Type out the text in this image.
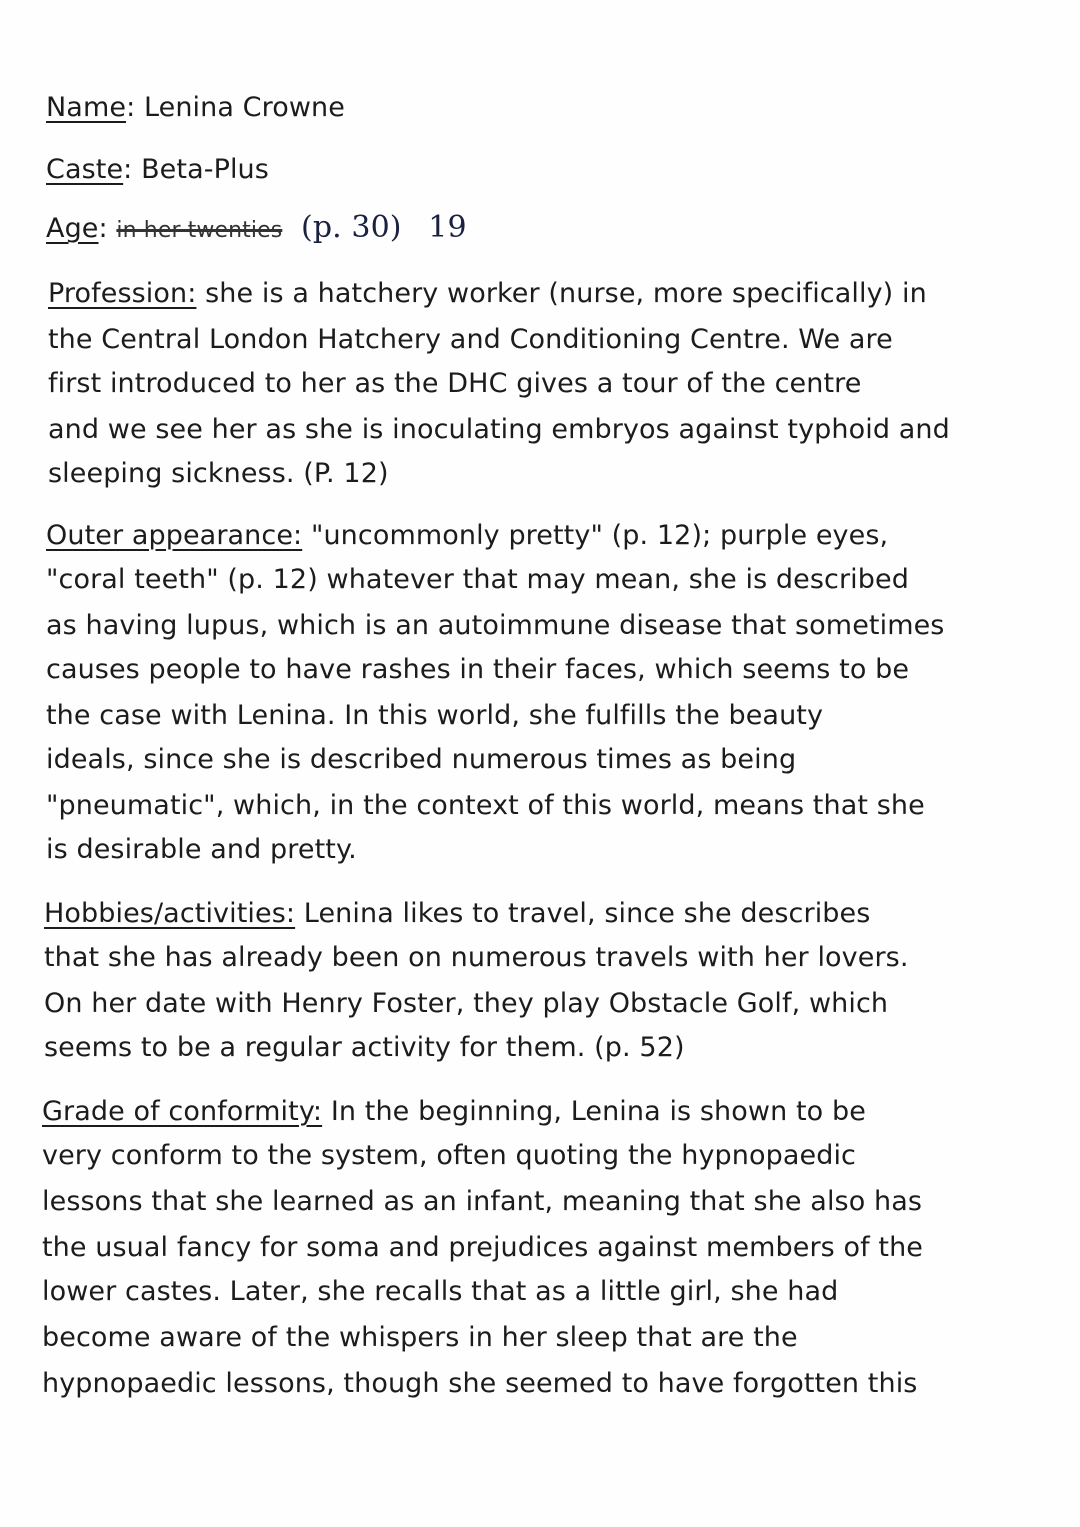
Name: Lenina Crowne
Caste: Beta-Plus
Age: in her twenties (p. 30) 19
Profession: she is a hatchery worker (nurse, more specifically) in
the Central London Hatchery and Conditioning Centre. We are
first introduced to her as the DHC gives a tour of the centre
and we see her as she is inoculating embryos against typhoid and
sleeping sickness. (P. 12)
Outer appearance: "uncommonly pretty" (p. 12); purple eyes,
"coral teeth" (p. 12) whatever that may mean, she is described
as having lupus, which is an autoimmune disease that sometimes
causes people to have rashes in their faces, which seems to be
the case with Lenina. In this world, she fulfills the beauty
ideals, since she is described numerous times as being
"pneumatic", which, in the context of this world, means that she
is desirable and pretty.
Hobbies/activities: Lenina likes to travel, since she describes
that she has already been on numerous travels with her lovers.
On her date with Henry Foster, they play Obstacle Golf, which
seems to be a regular activity for them. (p. 52)
Grade of conformity: In the beginning, Lenina is shown to be
very conform to the system, often quoting the hypnopaedic
lessons that she learned as an infant, meaning that she also has
the usual fancy for soma and prejudices against members of the
lower castes. Later, she recalls that as a little girl, she had
become aware of the whispers in her sleep that are the
hypnopaedic lessons, though she seemed to have forgotten this
